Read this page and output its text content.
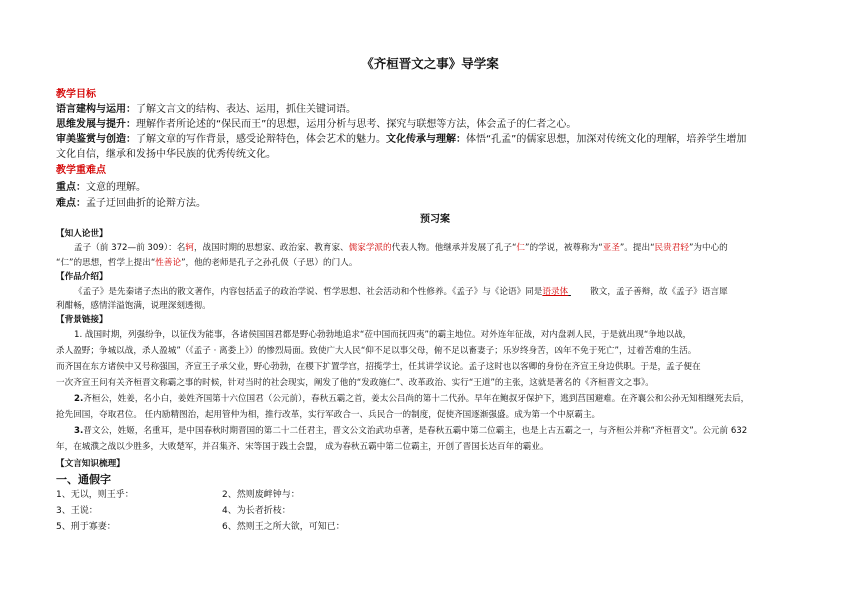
《齐桓晋文之事》导学案
教学目标
语言建构与运用：了解文言文的结构、表达、运用，抓住关键词语。
思维发展与提升：理解作者所论述的“保民而王”的思想，运用分析与思考、探究与联想等方法，体会孟子的仁者之心。
审美鉴赏与创造：了解文章的写作背景，感受论辩特色，体会艺术的魅力。文化传承与理解：体悟“孔孟”的儒家思想，加深对传统文化的理解，培养学生增加
文化自信，继承和发扬中华民族的优秀传统文化。
教学重难点
重点：文意的理解。
难点：孟子迂回曲折的论辩方法。
预习案
【知人论世】
孟子（前 372—前 309）：名轲，战国时期的思想家、政治家、教育家、儒家学派的代表人物。他继承并发展了孔子“仁”的学说，被尊称为“亚圣”。提出“民贵君轻”为中心的
“仁”的思想，哲学上提出“性善论”，他的老师是孔子之孙孔伋（子思）的门人。
【作品介绍】
《孟子》是先秦诸子杰出的散文著作，内容包括孟子的政治学说、哲学思想、社会活动和个性修养。《孟子》与《论语》同是语录体	散文，孟子善辩，故《孟子》语言犀
利酣畅，感情洋溢饱满，说理深刻透彻。
【背景链接】
1. 战国时期，列强纷争，以征伐为能事，各诸侯国国君都是野心勃勃地追求“莅中国而抚四夷”的霸主地位。对外连年征战，对内盘剥人民，于是就出现“争地以战，
杀人盈野；争城以战，杀人盈城”（《孟子 · 离娄上》）的惨烈局面。致使广大人民“仰不足以事父母，俯不足以畜妻子；乐岁终身苦，凶年不免于死亡”，过着苦难的生活。
而齐国在东方诸侯中又号称强国，齐宣王子承父业，野心勃勃，在稷下扩置学宫，招揽学士，任其讲学议论。孟子这时也以客卿的身份在齐宣王身边供职。于是，孟子便在
一次齐宣王问有关齐桓晋文称霸之事的时候，针对当时的社会现实，阐发了他的“发政施仁”、改革政治、实行“王道”的主张，这就是著名的《齐桓晋文之事》。
2.齐桓公，姓姜，名小白，姜姓齐国第十六位国君（公元前），春秋五霸之首，姜太公吕尚的第十二代孙。早年在鲍叔牙保护下，逃到莒国避难。在齐襄公和公孙无知相继死去后，
抢先回国，夺取君位。 任内励精图治，起用管仲为相，推行改革，实行军政合一、兵民合一的制度，促使齐国逐渐强盛。成为第一个中原霸主。
3.晋文公，姓姬，名重耳，是中国春秋时期晋国的第二十二任君主，晋文公文治武功卓著，是春秋五霸中第二位霸主，也是上古五霸之一，与齐桓公并称“齐桓晋文”。公元前 632
年，在城濮之战以少胜多，大败楚军，并召集齐、宋等国于践土会盟， 成为春秋五霸中第二位霸主，开创了晋国长达百年的霸业。
【文言知识梳理】
一、通假字
1、无以，则王乎：	2、然则废衅钟与：
3、王说：	4、为长者折枝：
5、刑于寡妻：	6、然则王之所大欲，可知已：
